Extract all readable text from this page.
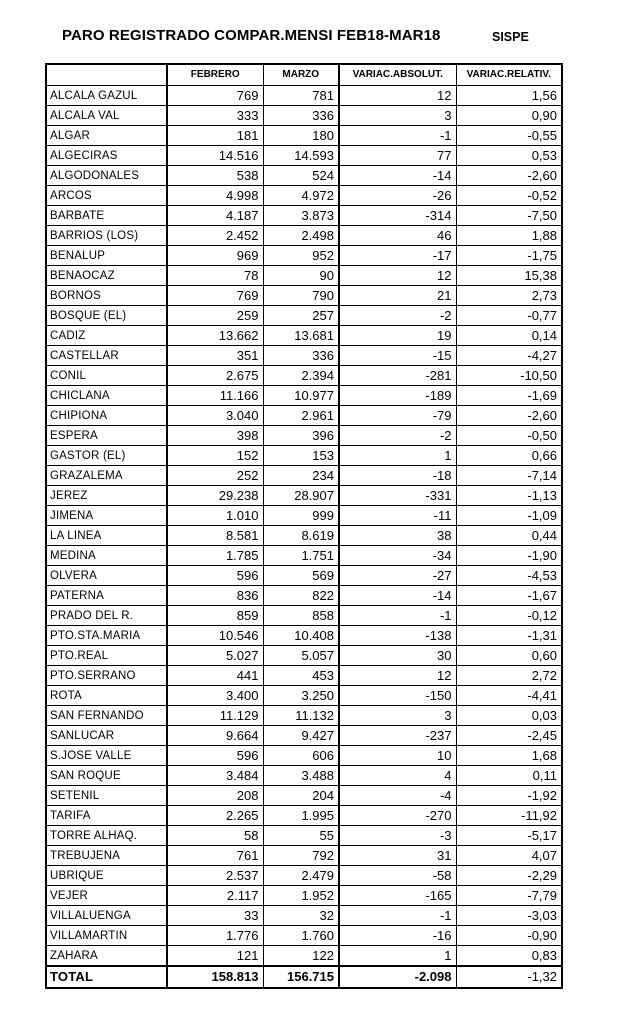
PARO REGISTRADO COMPAR.MENSI FEB18-MAR18	SISPE
	FEBRERO	MARZO	VARIAC.ABSOLUT.	VARIAC.RELATIV.
ALCALA GAZUL	769	781	12	1,56
ALCALA VAL	333	336	3	0,90
ALGAR	181	180	-1	-0,55
ALGECIRAS	14.516	14.593	77	0,53
ALGODONALES	538	524	-14	-2,60
ARCOS	4.998	4.972	-26	-0,52
BARBATE	4.187	3.873	-314	-7,50
BARRIOS (LOS)	2.452	2.498	46	1,88
BENALUP	969	952	-17	-1,75
BENAOCAZ	78	90	12	15,38
BORNOS	769	790	21	2,73
BOSQUE (EL)	259	257	-2	-0,77
CADIZ	13.662	13.681	19	0,14
CASTELLAR	351	336	-15	-4,27
CONIL	2.675	2.394	-281	-10,50
CHICLANA	11.166	10.977	-189	-1,69
CHIPIONA	3.040	2.961	-79	-2,60
ESPERA	398	396	-2	-0,50
GASTOR (EL)	152	153	1	0,66
GRAZALEMA	252	234	-18	-7,14
JEREZ	29.238	28.907	-331	-1,13
JIMENA	1.010	999	-11	-1,09
LA LINEA	8.581	8.619	38	0,44
MEDINA	1.785	1.751	-34	-1,90
OLVERA	596	569	-27	-4,53
PATERNA	836	822	-14	-1,67
PRADO DEL R.	859	858	-1	-0,12
PTO.STA.MARIA	10.546	10.408	-138	-1,31
PTO.REAL	5.027	5.057	30	0,60
PTO.SERRANO	441	453	12	2,72
ROTA	3.400	3.250	-150	-4,41
SAN FERNANDO	11.129	11.132	3	0,03
SANLUCAR	9.664	9.427	-237	-2,45
S.JOSE VALLE	596	606	10	1,68
SAN ROQUE	3.484	3.488	4	0,11
SETENIL	208	204	-4	-1,92
TARIFA	2.265	1.995	-270	-11,92
TORRE ALHAQ.	58	55	-3	-5,17
TREBUJENA	761	792	31	4,07
UBRIQUE	2.537	2.479	-58	-2,29
VEJER	2.117	1.952	-165	-7,79
VILLALUENGA	33	32	-1	-3,03
VILLAMARTIN	1.776	1.760	-16	-0,90
ZAHARA	121	122	1	0,83
TOTAL	158.813	156.715	-2.098	-1,32
